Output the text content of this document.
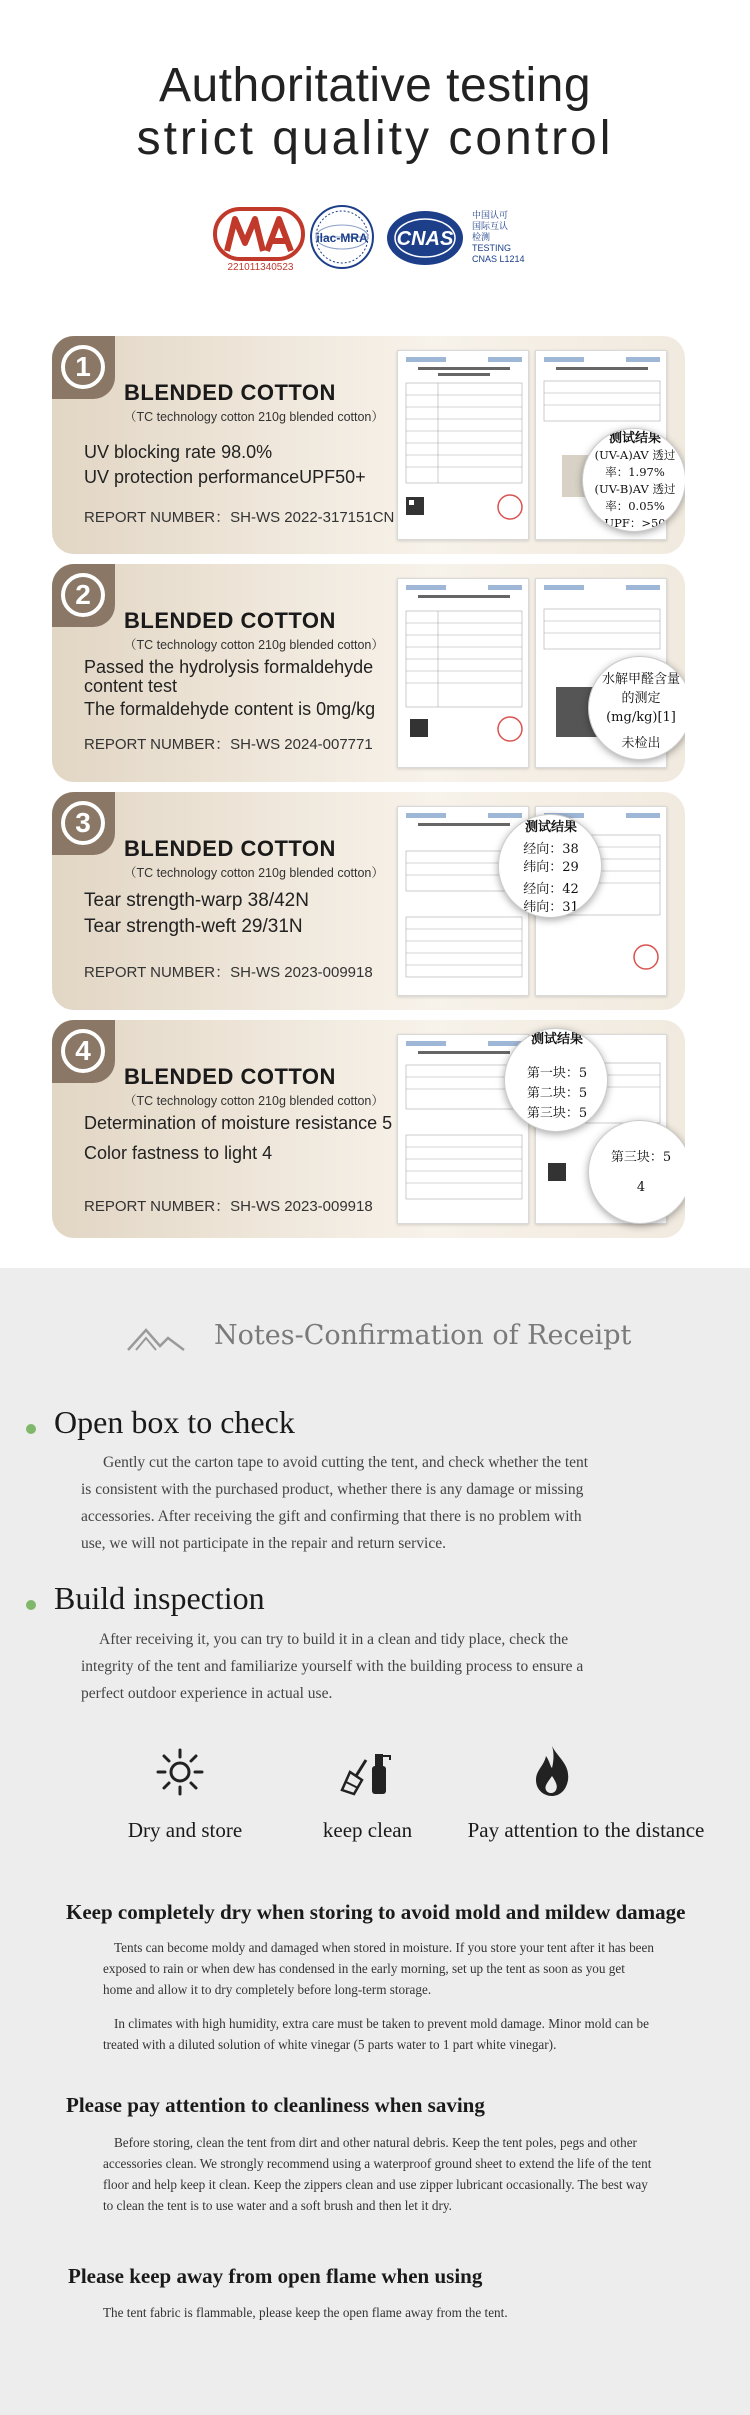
Authoritative testing
strict quality control
221011340523
ilac-MRA CNAS
中国认可
国际互认
检测
TESTING
CNAS L1214
1
BLENDED COTTON
（TC technology cotton 210g blended cotton）
UV blocking rate 98.0%
UV protection performanceUPF50+
REPORT NUMBER：SH-WS 2022-317151CN
测试结果
(UV-A)AV 透过
率：1.97%
(UV-B)AV 透过
率：0.05%
UPF：>50
2
BLENDED COTTON
（TC technology cotton 210g blended cotton）
Passed the hydrolysis formaldehyde
content test
The formaldehyde content is 0mg/kg
REPORT NUMBER：SH-WS 2024-007771
水解甲醛含量
的测定
(mg/kg)[1]
未检出
3
BLENDED COTTON
（TC technology cotton 210g blended cotton）
Tear strength-warp 38/42N
Tear strength-weft 29/31N
REPORT NUMBER：SH-WS 2023-009918
测试结果
经向：38
纬向：29
经向：42
纬向：31
4
BLENDED COTTON
（TC technology cotton 210g blended cotton）
Determination of moisture resistance 5
Color fastness to light 4
REPORT NUMBER：SH-WS 2023-009918
测试结果
第一块：5
第二块：5
第三块：5
第三块：5
4
Notes-Confirmation of Receipt
Open box to check
Gently cut the carton tape to avoid cutting the tent, and check whether the tent
is consistent with the purchased product, whether there is any damage or missing
accessories. After receiving the gift and confirming that there is no problem with
use, we will not participate in the repair and return service.
Build inspection
After receiving it, you can try to build it in a clean and tidy place, check the
integrity of the tent and familiarize yourself with the building process to ensure a
perfect outdoor experience in actual use.
Dry and store	keep clean	Pay attention to the distance
Keep completely dry when storing to avoid mold and mildew damage
Tents can become moldy and damaged when stored in moisture. If you store your tent after it has been
exposed to rain or when dew has condensed in the early morning, set up the tent as soon as you get
home and allow it to dry completely before long-term storage.
In climates with high humidity, extra care must be taken to prevent mold damage. Minor mold can be
treated with a diluted solution of white vinegar (5 parts water to 1 part white vinegar).
Please pay attention to cleanliness when saving
Before storing, clean the tent from dirt and other natural debris. Keep the tent poles, pegs and other
accessories clean. We strongly recommend using a waterproof ground sheet to extend the life of the tent
floor and help keep it clean. Keep the zippers clean and use zipper lubricant occasionally. The best way
to clean the tent is to use water and a soft brush and then let it dry.
Please keep away from open flame when using
The tent fabric is flammable, please keep the open flame away from the tent.
